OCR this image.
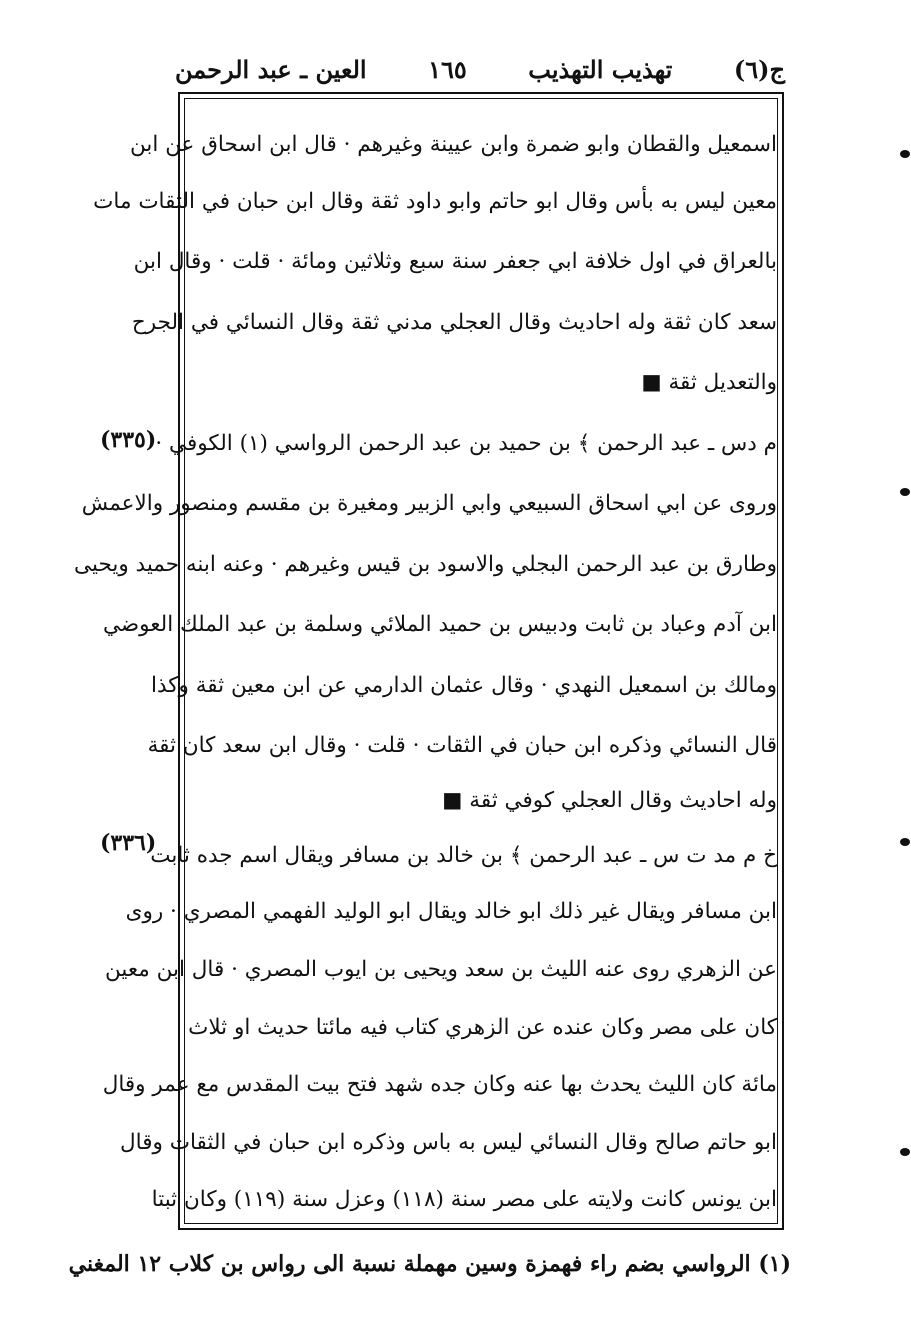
ج(٦)
تهذيب التهذيب
١٦٥
العين ـ عبد الرحمن
اسمعيل والقطان وابو ضمرة وابن عيينة وغيرهم · قال ابن اسحاق عن ابن
معين ليس به بأس وقال ابو حاتم وابو داود ثقة وقال ابن حبان في الثقات مات
بالعراق في اول خلافة ابي جعفر سنة سبع وثلاثين ومائة · قلت · وقال ابن
سعد كان ثقة وله احاديث وقال العجلي مدني ثقة وقال النسائي في الجرح
والتعديل ثقة ■
م دس ـ عبد الرحمن ﴾ بن حميد بن عبد الرحمن الرواسي (١) الكوفي ·
وروى عن ابي اسحاق السبيعي وابي الزبير ومغيرة بن مقسم ومنصور والاعمش
وطارق بن عبد الرحمن البجلي والاسود بن قيس وغيرهم · وعنه ابنه حميد ويحيى
ابن آدم وعباد بن ثابت ودبيس بن حميد الملائي وسلمة بن عبد الملك العوضي
ومالك بن اسمعيل النهدي · وقال عثمان الدارمي عن ابن معين ثقة وكذا
قال النسائي وذكره ابن حبان في الثقات · قلت · وقال ابن سعد كان ثقة
وله احاديث وقال العجلي كوفي ثقة ■
خ م مد ت س ـ عبد الرحمن ﴾ بن خالد بن مسافر ويقال اسم جده ثابت
ابن مسافر ويقال غير ذلك ابو خالد ويقال ابو الوليد الفهمي المصري · روى
عن الزهري روى عنه الليث بن سعد ويحيى بن ايوب المصري · قال ابن معين
كان على مصر وكان عنده عن الزهري كتاب فيه مائتا حديث او ثلاث
مائة كان الليث يحدث بها عنه وكان جده شهد فتح بيت المقدس مع عمر وقال
ابو حاتم صالح وقال النسائي ليس به باس وذكره ابن حبان في الثقات وقال
ابن يونس كانت ولايته على مصر سنة (١١٨) وعزل سنة (١١٩) وكان ثبتا
(٣٣٥)
(٣٣٦)
(١) الرواسي بضم راء فهمزة وسين مهملة نسبة الى رواس بن كلاب ١٢ المغني
